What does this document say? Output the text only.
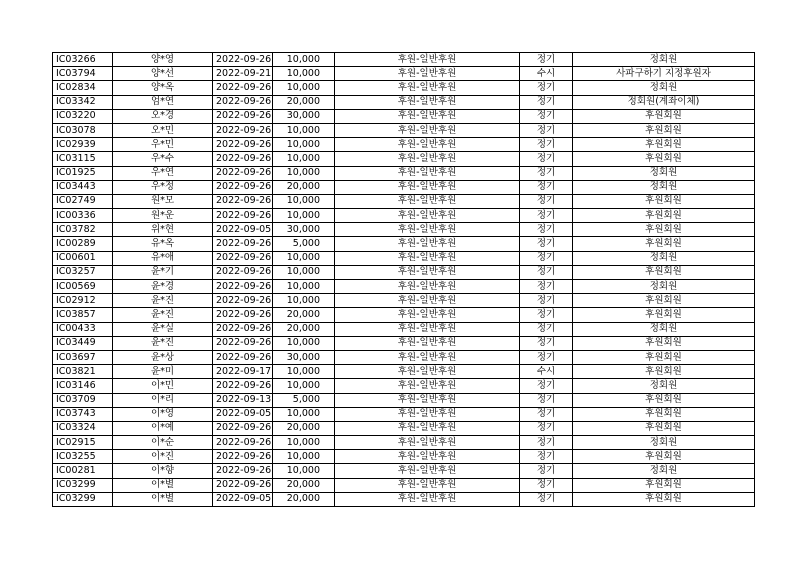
IC03266	양*영	2022-09-26	10,000	후원-일반후원	정기	정회원
IC03794	양*선	2022-09-21	10,000	후원-일반후원	수시	사파구하기 지정후원자
IC02834	양*옥	2022-09-26	10,000	후원-일반후원	정기	정회원
IC03342	엄*연	2022-09-26	20,000	후원-일반후원	정기	정회원(계좌이체)
IC03220	오*경	2022-09-26	30,000	후원-일반후원	정기	후원회원
IC03078	오*민	2022-09-26	10,000	후원-일반후원	정기	후원회원
IC02939	우*민	2022-09-26	10,000	후원-일반후원	정기	후원회원
IC03115	우*수	2022-09-26	10,000	후원-일반후원	정기	후원회원
IC01925	우*연	2022-09-26	10,000	후원-일반후원	정기	정회원
IC03443	우*정	2022-09-26	20,000	후원-일반후원	정기	정회원
IC02749	원*모	2022-09-26	10,000	후원-일반후원	정기	후원회원
IC00336	원*운	2022-09-26	10,000	후원-일반후원	정기	후원회원
IC03782	위*현	2022-09-05	30,000	후원-일반후원	정기	후원회원
IC00289	유*옥	2022-09-26	5,000	후원-일반후원	정기	후원회원
IC00601	유*애	2022-09-26	10,000	후원-일반후원	정기	정회원
IC03257	윤*기	2022-09-26	10,000	후원-일반후원	정기	후원회원
IC00569	윤*경	2022-09-26	10,000	후원-일반후원	정기	정회원
IC02912	윤*진	2022-09-26	10,000	후원-일반후원	정기	후원회원
IC03857	윤*진	2022-09-26	20,000	후원-일반후원	정기	후원회원
IC00433	윤*실	2022-09-26	20,000	후원-일반후원	정기	정회원
IC03449	윤*진	2022-09-26	10,000	후원-일반후원	정기	후원회원
IC03697	윤*상	2022-09-26	30,000	후원-일반후원	정기	후원회원
IC03821	윤*미	2022-09-17	10,000	후원-일반후원	수시	후원회원
IC03146	이*민	2022-09-26	10,000	후원-일반후원	정기	정회원
IC03709	이*리	2022-09-13	5,000	후원-일반후원	정기	후원회원
IC03743	이*영	2022-09-05	10,000	후원-일반후원	정기	후원회원
IC03324	이*예	2022-09-26	20,000	후원-일반후원	정기	후원회원
IC02915	이*순	2022-09-26	10,000	후원-일반후원	정기	정회원
IC03255	이*진	2022-09-26	10,000	후원-일반후원	정기	후원회원
IC00281	이*향	2022-09-26	10,000	후원-일반후원	정기	정회원
IC03299	이*별	2022-09-26	20,000	후원-일반후원	정기	후원회원
IC03299	이*별	2022-09-05	20,000	후원-일반후원	정기	후원회원
